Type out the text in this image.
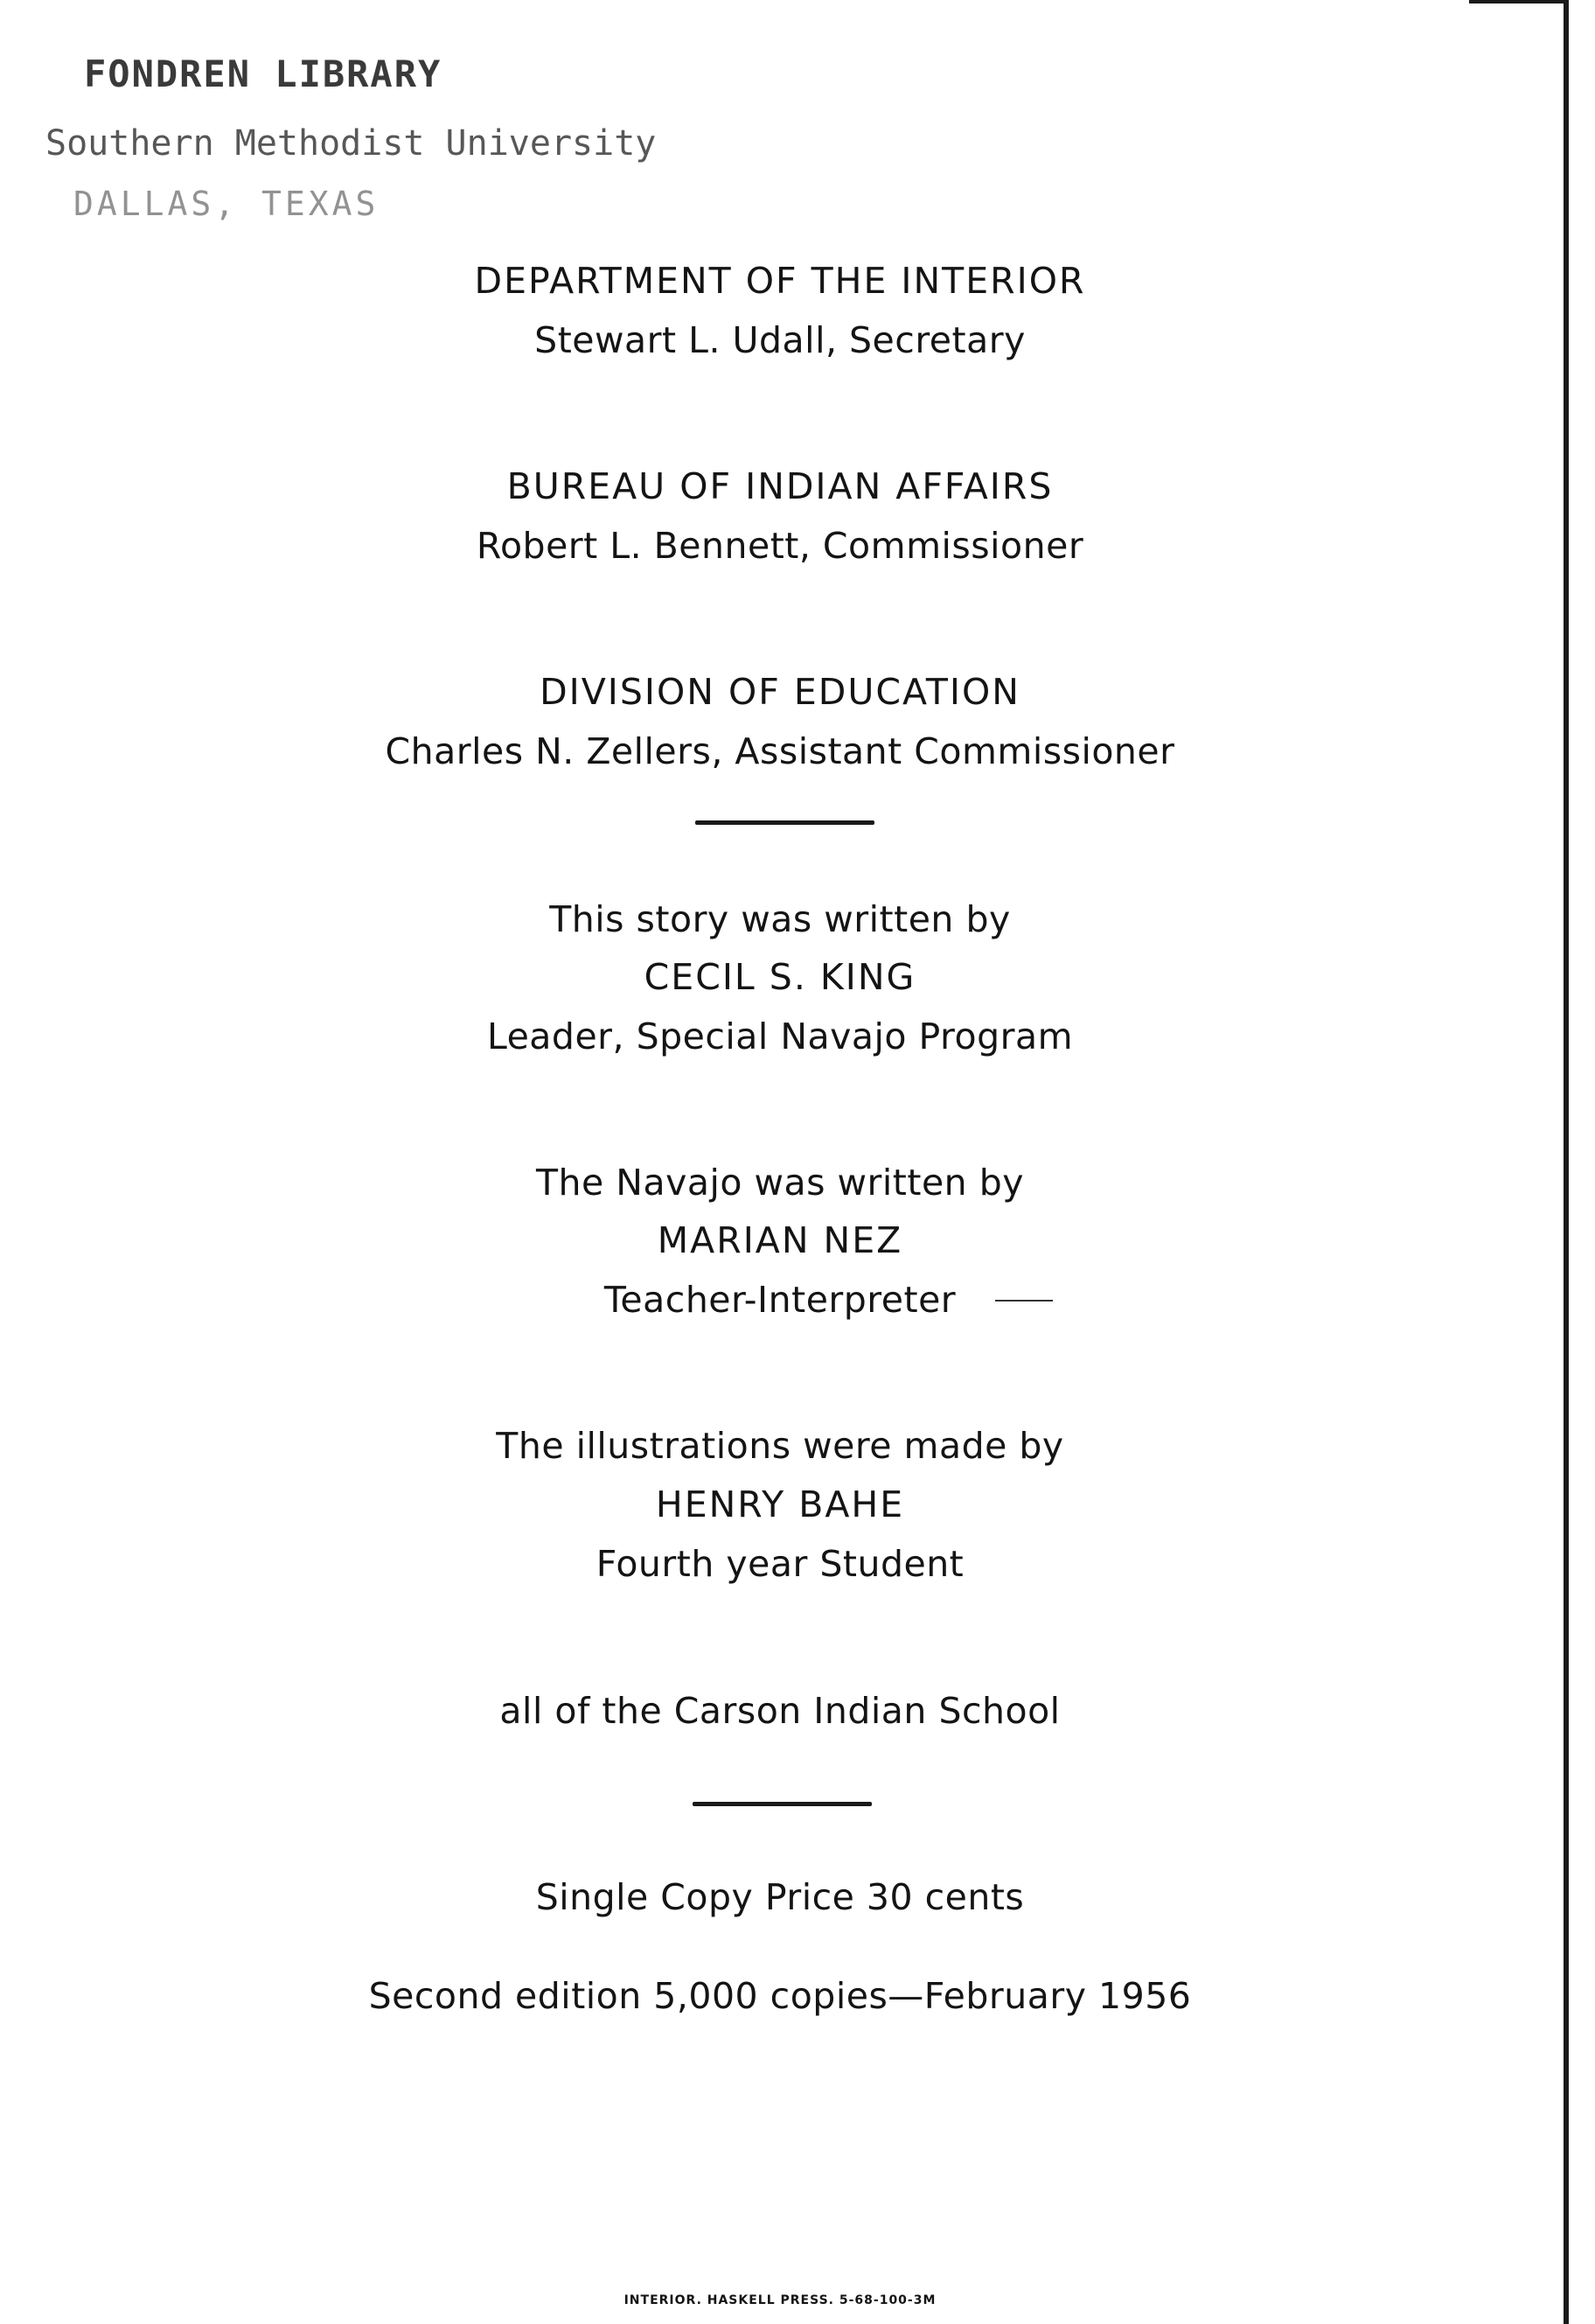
FONDREN LIBRARY
Southern Methodist University
DALLAS, TEXAS
DEPARTMENT OF THE INTERIOR
Stewart L. Udall, Secretary
BUREAU OF INDIAN AFFAIRS
Robert L. Bennett, Commissioner
DIVISION OF EDUCATION
Charles N. Zellers, Assistant Commissioner
This story was written by
CECIL S. KING
Leader, Special Navajo Program
The Navajo was written by
MARIAN NEZ
Teacher-Interpreter
The illustrations were made by
HENRY BAHE
Fourth year Student
all of the Carson Indian School
Single Copy Price 30 cents
Second edition 5,000 copies—February 1956
INTERIOR. HASKELL PRESS. 5-68-100-3M
